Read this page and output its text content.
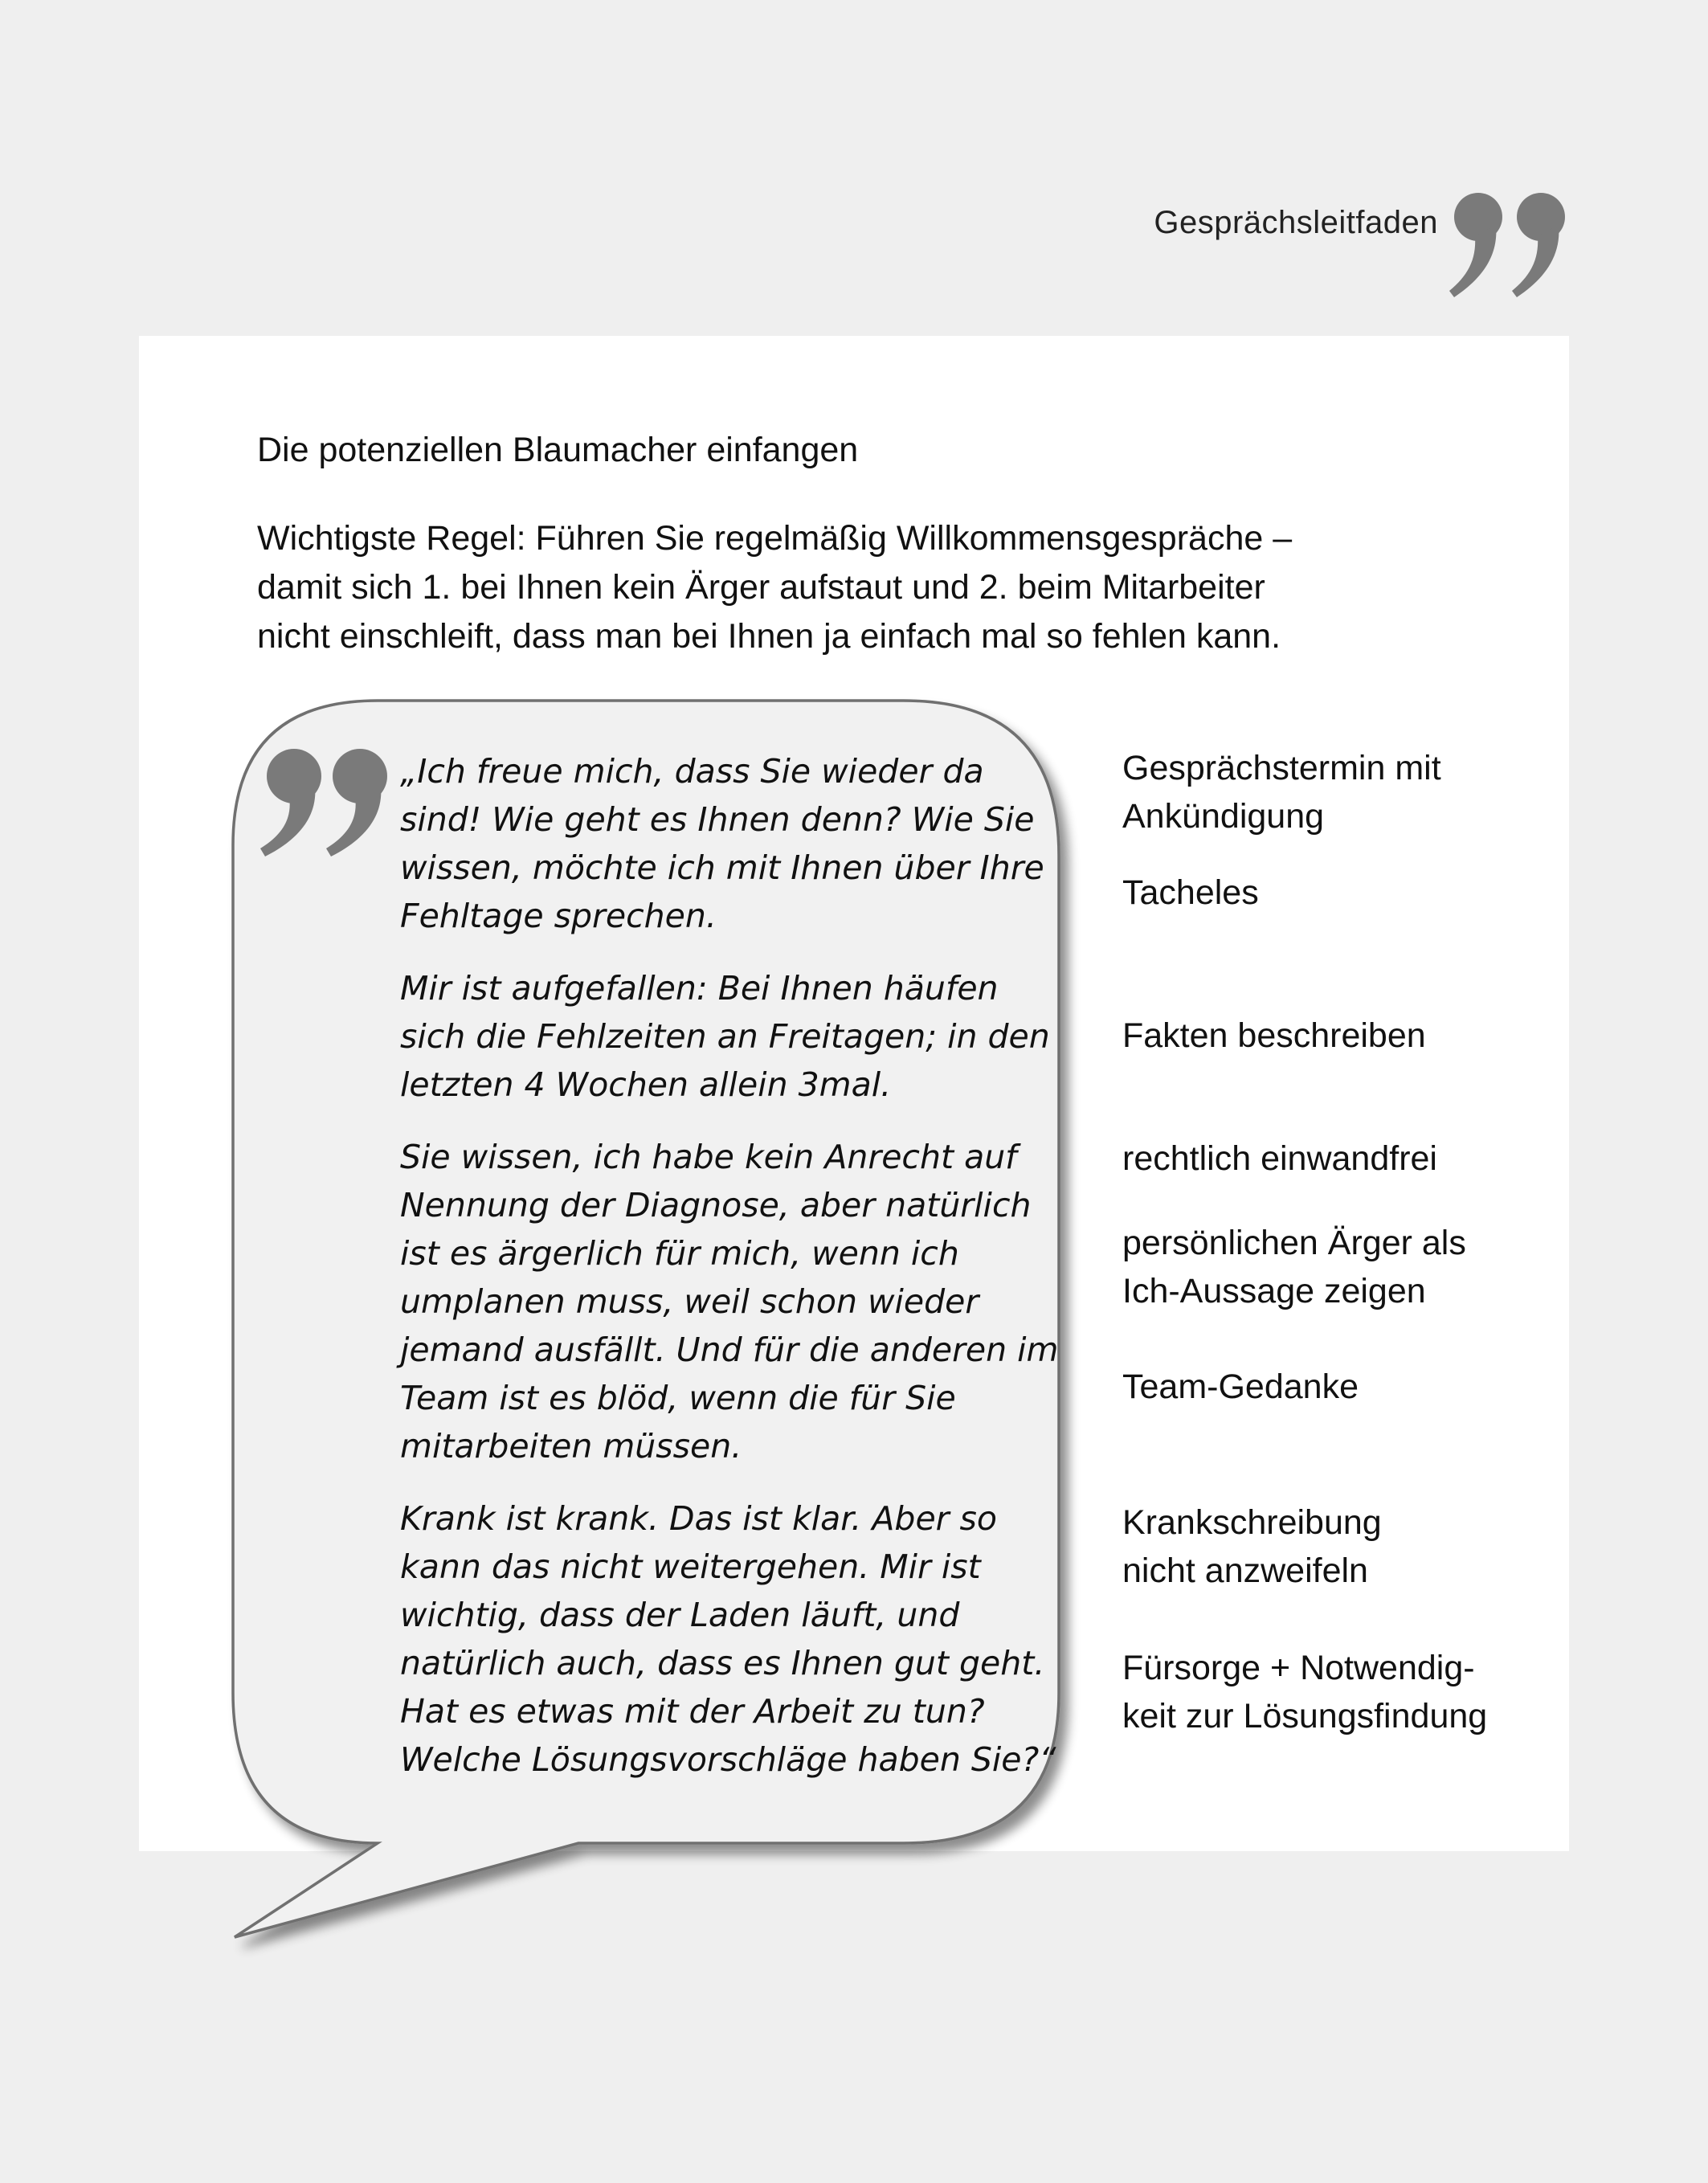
Gesprächsleitfaden
Die potenziellen Blaumacher einfangen

Wichtigste Regel: Führen Sie regelmäßig Willkommensgespräche –
damit sich 1. bei Ihnen kein Ärger aufstaut und 2. beim Mitarbeiter
nicht einschleift, dass man bei Ihnen ja einfach mal so fehlen kann.

„Ich freue mich, dass Sie wieder da sind! Wie geht es Ihnen denn? Wie Sie wissen, möchte ich mit Ihnen über Ihre Fehltage sprechen.

Mir ist aufgefallen: Bei Ihnen häufen sich die Fehlzeiten an Freitagen; in den letzten 4 Wochen allein 3mal.

Sie wissen, ich habe kein Anrecht auf Nennung der Diagnose, aber natürlich ist es ärgerlich für mich, wenn ich umplanen muss, weil schon wieder jemand ausfällt. Und für die anderen im Team ist es blöd, wenn die für Sie mitarbeiten müssen.

Krank ist krank. Das ist klar. Aber so kann das nicht weitergehen. Mir ist wichtig, dass der Laden läuft, und natürlich auch, dass es Ihnen gut geht. Hat es etwas mit der Arbeit zu tun? Welche Lösungsvorschläge haben Sie?“

Gesprächstermin mit
Ankündigung

Tacheles

Fakten beschreiben

rechtlich einwandfrei

persönlichen Ärger als
Ich-Aussage zeigen

Team-Gedanke

Krankschreibung
nicht anzweifeln

Fürsorge + Notwendig-
keit zur Lösungsfindung
